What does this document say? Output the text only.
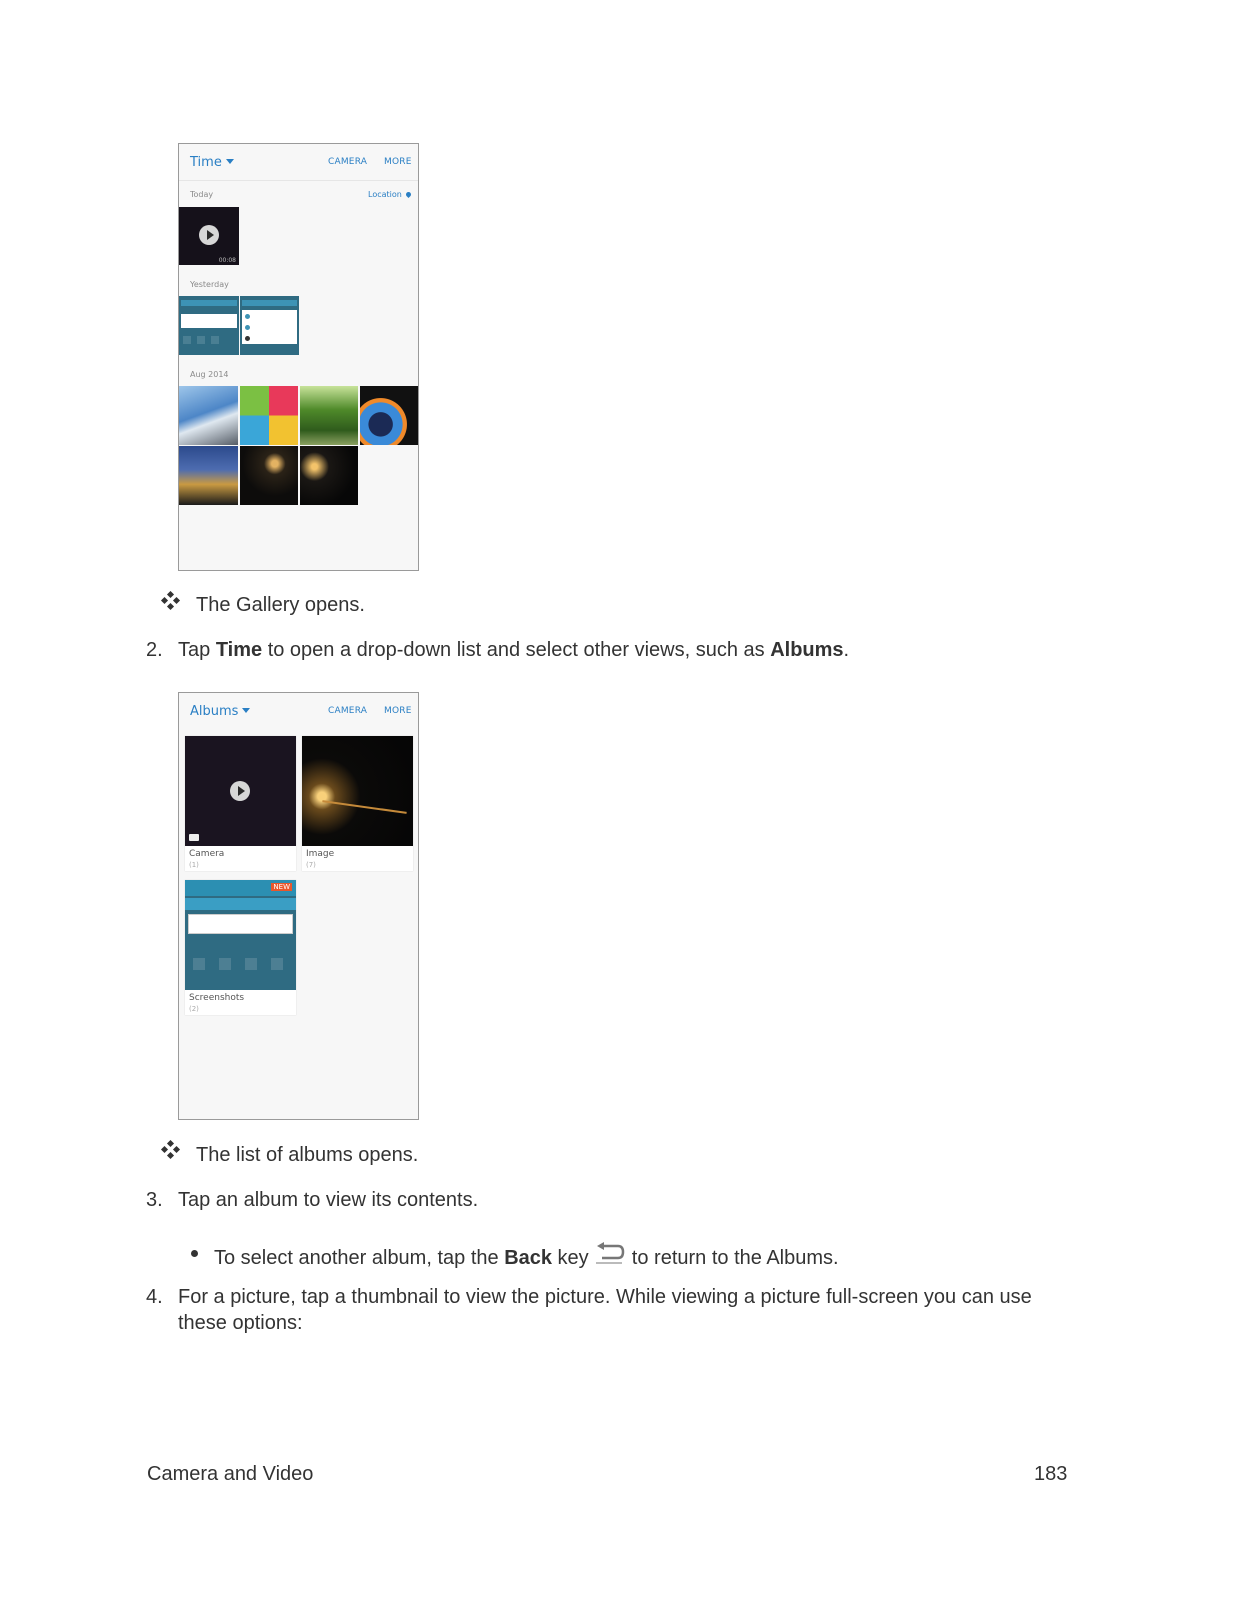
Time	CAMERA MORE
Today	Location
00:08
Yesterday
Aug 2014
The Gallery opens.
2. Tap Time to open a drop-down list and select other views, such as Albums.
Albums	CAMERA MORE
Camera
(1)
Image
(7)
NEW
Screenshots
(2)
The list of albums opens.
3. Tap an album to view its contents.
To select another album, tap the Back key  to return to the Albums.
4. For a picture, tap a thumbnail to view the picture. While viewing a picture full-screen you can use
these options:
Camera and Video	183
